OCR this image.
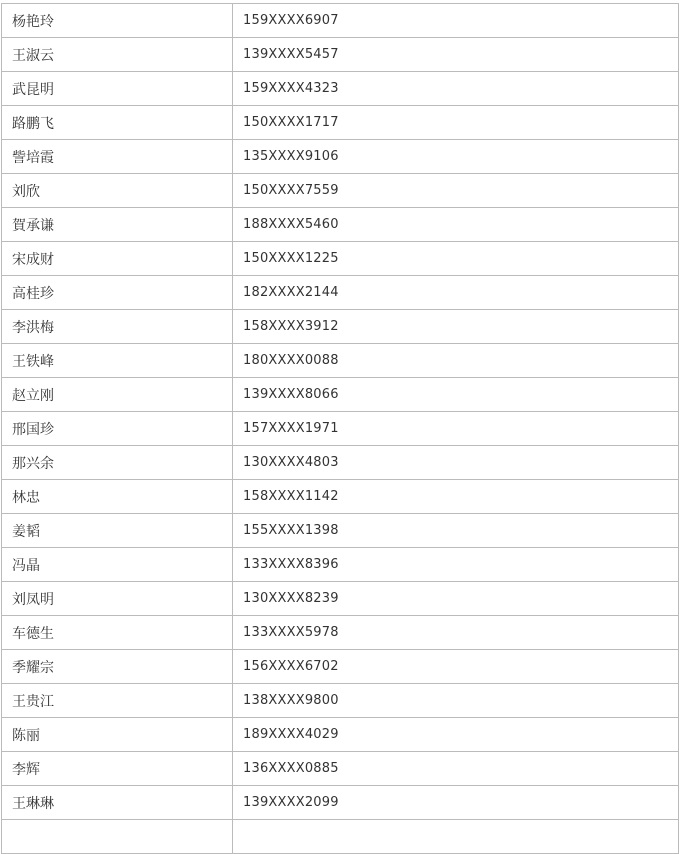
杨艳玲	159XXXX6907
王淑云	139XXXX5457
武昆明	159XXXX4323
路鹏飞	150XXXX1717
訾培霞	135XXXX9106
刘欣	150XXXX7559
賀承谦	188XXXX5460
宋成财	150XXXX1225
高桂珍	182XXXX2144
李洪梅	158XXXX3912
王铁峰	180XXXX0088
赵立刚	139XXXX8066
邢国珍	157XXXX1971
那兴余	130XXXX4803
林忠	158XXXX1142
姜韬	155XXXX1398
冯晶	133XXXX8396
刘凤明	130XXXX8239
车德生	133XXXX5978
季耀宗	156XXXX6702
王贵江	138XXXX9800
陈丽	189XXXX4029
李辉	136XXXX0885
王琳琳	139XXXX2099
